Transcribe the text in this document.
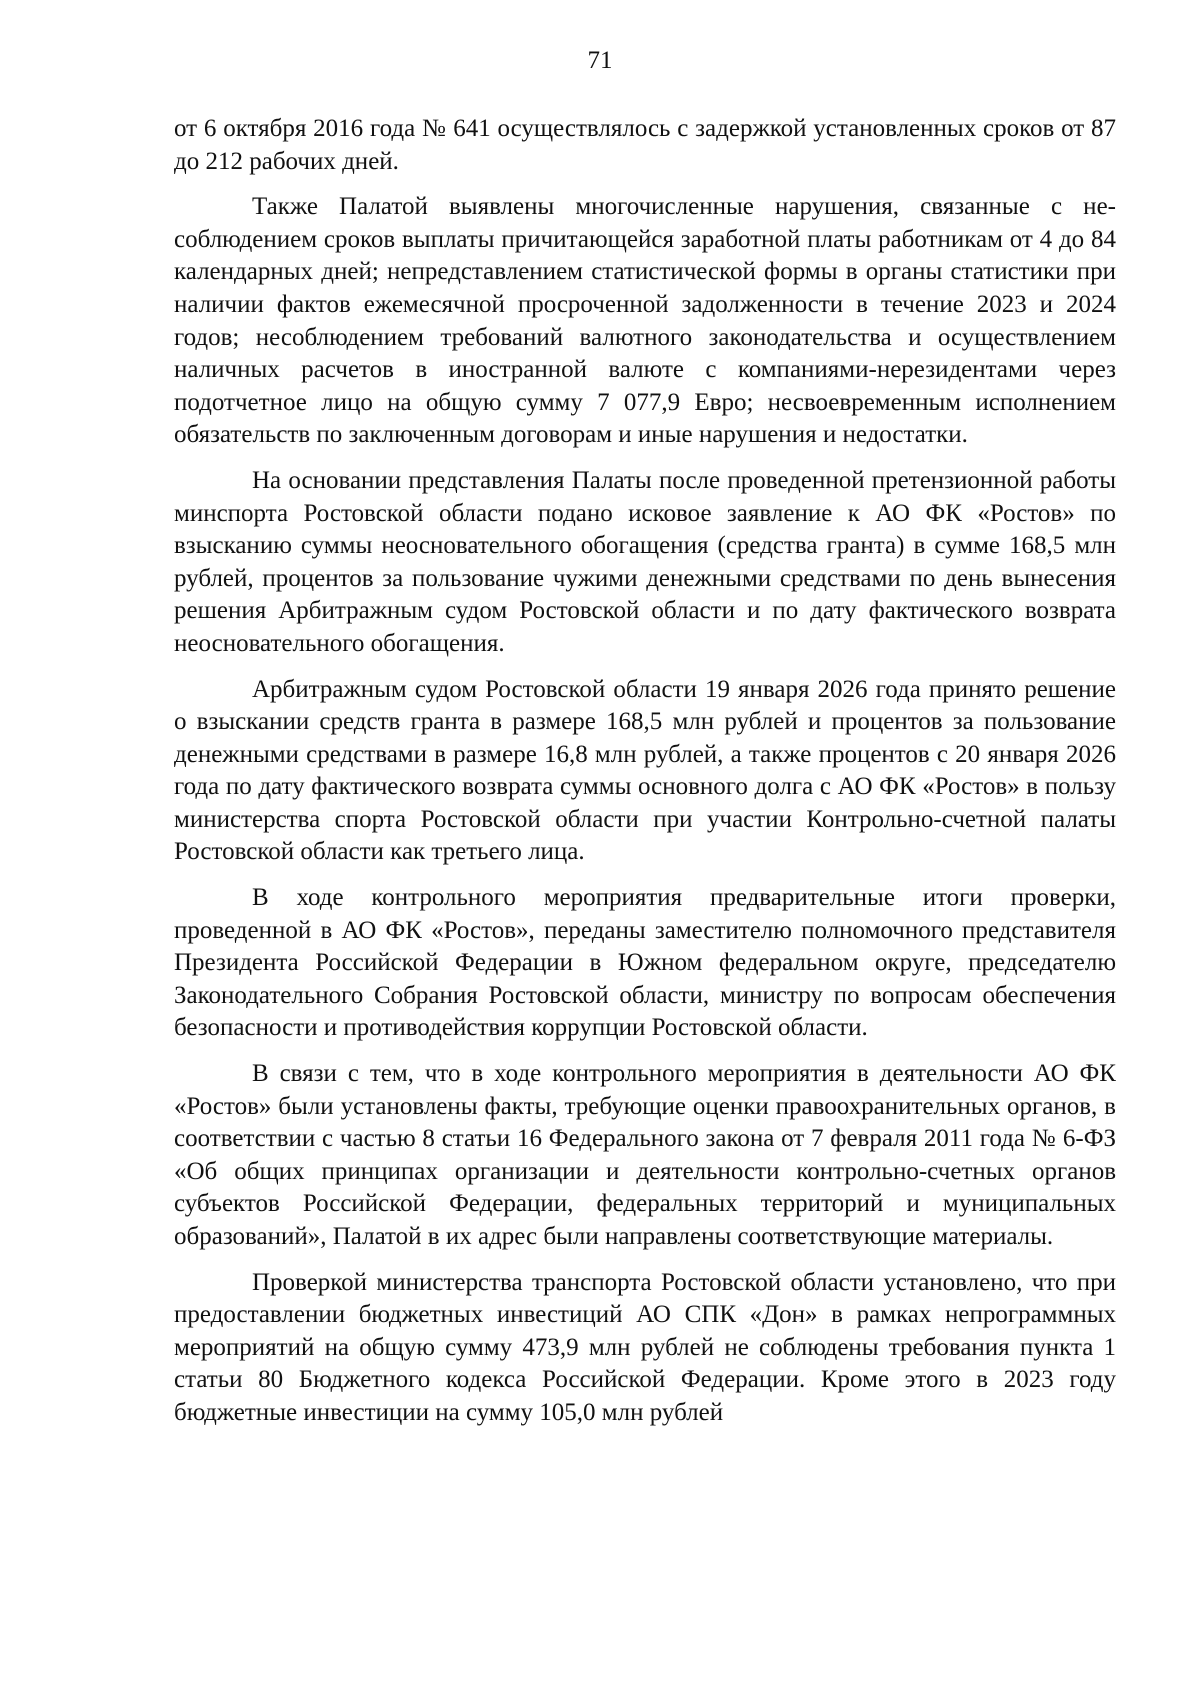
71

от 6 октября 2016 года № 641 осуществлялось с задержкой установленных сроков от 87 до 212 рабочих дней.

Также Палатой выявлены многочисленные нарушения, связанные с несоблюдением сроков выплаты причитающейся заработной платы работникам от 4 до 84 календарных дней; непредставлением статистической формы в органы статистики при наличии фактов ежемесячной просроченной задолженности в течение 2023 и 2024 годов; несоблюдением требований валютного законодательства и осуществлением наличных расчетов в иностранной валюте с компаниями-нерезидентами через подотчетное лицо на общую сумму 7 077,9 Евро; несвоевременным исполнением обязательств по заключенным договорам и иные нарушения и недостатки.

На основании представления Палаты после проведенной претензионной работы минспорта Ростовской области подано исковое заявление к АО ФК «Ростов» по взысканию суммы неосновательного обогащения (средства гранта) в сумме 168,5 млн рублей, процентов за пользование чужими денежными средствами по день вынесения решения Арбитражным судом Ростовской области и по дату фактического возврата неосновательного обогащения.

Арбитражным судом Ростовской области 19 января 2026 года принято решение о взыскании средств гранта в размере 168,5 млн рублей и процентов за пользование денежными средствами в размере 16,8 млн рублей, а также процентов с 20 января 2026 года по дату фактического возврата суммы основного долга с АО ФК «Ростов» в пользу министерства спорта Ростовской области при участии Контрольно-счетной палаты Ростовской области как третьего лица.

В ходе контрольного мероприятия предварительные итоги проверки, проведенной в АО ФК «Ростов», переданы заместителю полномочного представителя Президента Российской Федерации в Южном федеральном округе, председателю Законодательного Собрания Ростовской области, министру по вопросам обеспечения безопасности и противодействия коррупции Ростовской области.

В связи с тем, что в ходе контрольного мероприятия в деятельности АО ФК «Ростов» были установлены факты, требующие оценки правоохранительных органов, в соответствии с частью 8 статьи 16 Федерального закона от 7 февраля 2011 года № 6-ФЗ «Об общих принципах организации и деятельности контрольно-счетных органов субъектов Российской Федерации, федеральных территорий и муниципальных образований», Палатой в их адрес были направлены соответствующие материалы.

Проверкой министерства транспорта Ростовской области установлено, что при предоставлении бюджетных инвестиций АО СПК «Дон» в рамках непрограммных мероприятий на общую сумму 473,9 млн рублей не соблюдены требования пункта 1 статьи 80 Бюджетного кодекса Российской Федерации. Кроме этого в 2023 году бюджетные инвестиции на сумму 105,0 млн рублей
